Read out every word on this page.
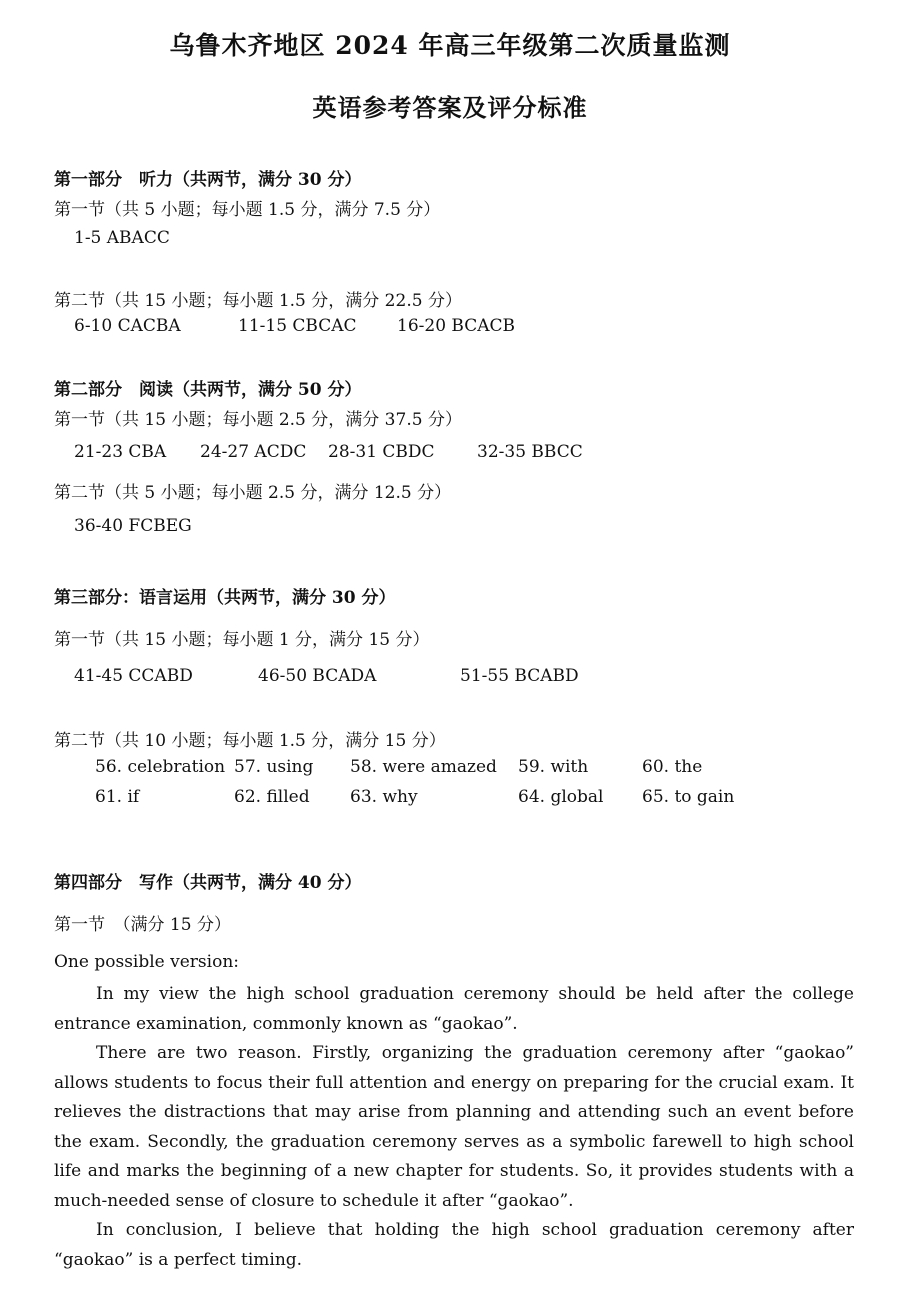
乌鲁木齐地区 2024 年高三年级第二次质量监测
英语参考答案及评分标准
第一部分　听力（共两节，满分 30 分）
第一节（共 5 小题；每小题 1.5 分，满分 7.5 分）
1-5 ABACC
第二节（共 15 小题；每小题 1.5 分，满分 22.5 分）
6-10 CACBA	11-15 CBCAC 16-20 BCACB
第二部分　阅读（共两节，满分 50 分）
第一节（共 15 小题；每小题 2.5 分，满分 37.5 分）
21-23 CBA 24-27 ACDC 28-31 CBDC 32-35 BBCC
第二节（共 5 小题；每小题 2.5 分，满分 12.5 分）
36-40 FCBEG
第三部分：语言运用（共两节，满分 30 分）
第一节（共 15 小题；每小题 1 分，满分 15 分）
41-45 CCABD	46-50 BCADA	51-55 BCABD
第二节（共 10 小题；每小题 1.5 分，满分 15 分）
56. celebration 57. using 58. were amazed 59. with	60. the
61. if	62. filled 63. why	64. global 65. to gain
第四部分　写作（共两节，满分 40 分）
第一节　（满分 15 分）
One possible version:

In my view the high school graduation ceremony should be held after the college entrance examination, commonly known as “gaokao”.

There are two reason. Firstly, organizing the graduation ceremony after “gaokao” allows students to focus their full attention and energy on preparing for the crucial exam. It relieves the distractions that may arise from planning and attending such an event before the exam. Secondly, the graduation ceremony serves as a symbolic farewell to high school life and marks the beginning of a new chapter for students. So, it provides students with a much-needed sense of closure to schedule it after “gaokao”.

In conclusion, I believe that holding the high school graduation ceremony after “gaokao” is a perfect timing.
